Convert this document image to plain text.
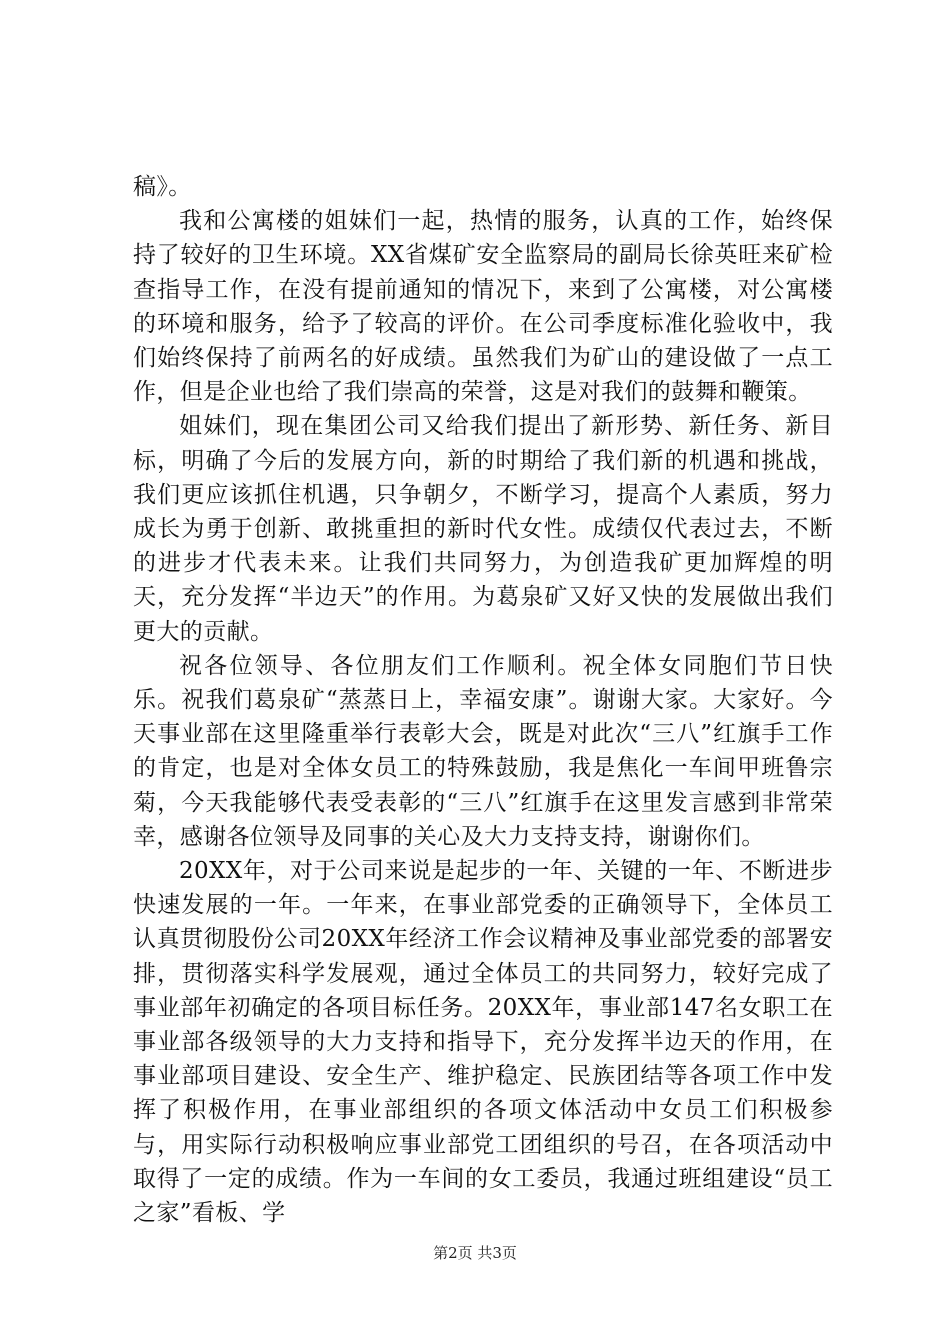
稿》。

我和公寓楼的姐妹们一起，热情的服务，认真的工作，始终保持了较好的卫生环境。XX省煤矿安全监察局的副局长徐英旺来矿检查指导工作，在没有提前通知的情况下，来到了公寓楼，对公寓楼的环境和服务，给予了较高的评价。在公司季度标准化验收中，我们始终保持了前两名的好成绩。虽然我们为矿山的建设做了一点工作，但是企业也给了我们崇高的荣誉，这是对我们的鼓舞和鞭策。

姐妹们，现在集团公司又给我们提出了新形势、新任务、新目标，明确了今后的发展方向，新的时期给了我们新的机遇和挑战，我们更应该抓住机遇，只争朝夕，不断学习，提高个人素质，努力成长为勇于创新、敢挑重担的新时代女性。成绩仅代表过去，不断的进步才代表未来。让我们共同努力，为创造我矿更加辉煌的明天，充分发挥“半边天”的作用。为葛泉矿又好又快的发展做出我们更大的贡献。

祝各位领导、各位朋友们工作顺利。祝全体女同胞们节日快乐。祝我们葛泉矿“蒸蒸日上，幸福安康”。谢谢大家。大家好。今天事业部在这里隆重举行表彰大会，既是对此次“三八”红旗手工作的肯定，也是对全体女员工的特殊鼓励，我是焦化一车间甲班鲁宗菊，今天我能够代表受表彰的“三八”红旗手在这里发言感到非常荣幸，感谢各位领导及同事的关心及大力支持支持，谢谢你们。

20XX年，对于公司来说是起步的一年、关键的一年、不断进步快速发展的一年。一年来，在事业部党委的正确领导下，全体员工认真贯彻股份公司20XX年经济工作会议精神及事业部党委的部署安排，贯彻落实科学发展观，通过全体员工的共同努力，较好完成了事业部年初确定的各项目标任务。20XX年，事业部147名女职工在事业部各级领导的大力支持和指导下，充分发挥半边天的作用，在事业部项目建设、安全生产、维护稳定、民族团结等各项工作中发挥了积极作用，在事业部组织的各项文体活动中女员工们积极参与，用实际行动积极响应事业部党工团组织的号召，在各项活动中取得了一定的成绩。作为一车间的女工委员，我通过班组建设“员工之家”看板、学

第2页 共3页
